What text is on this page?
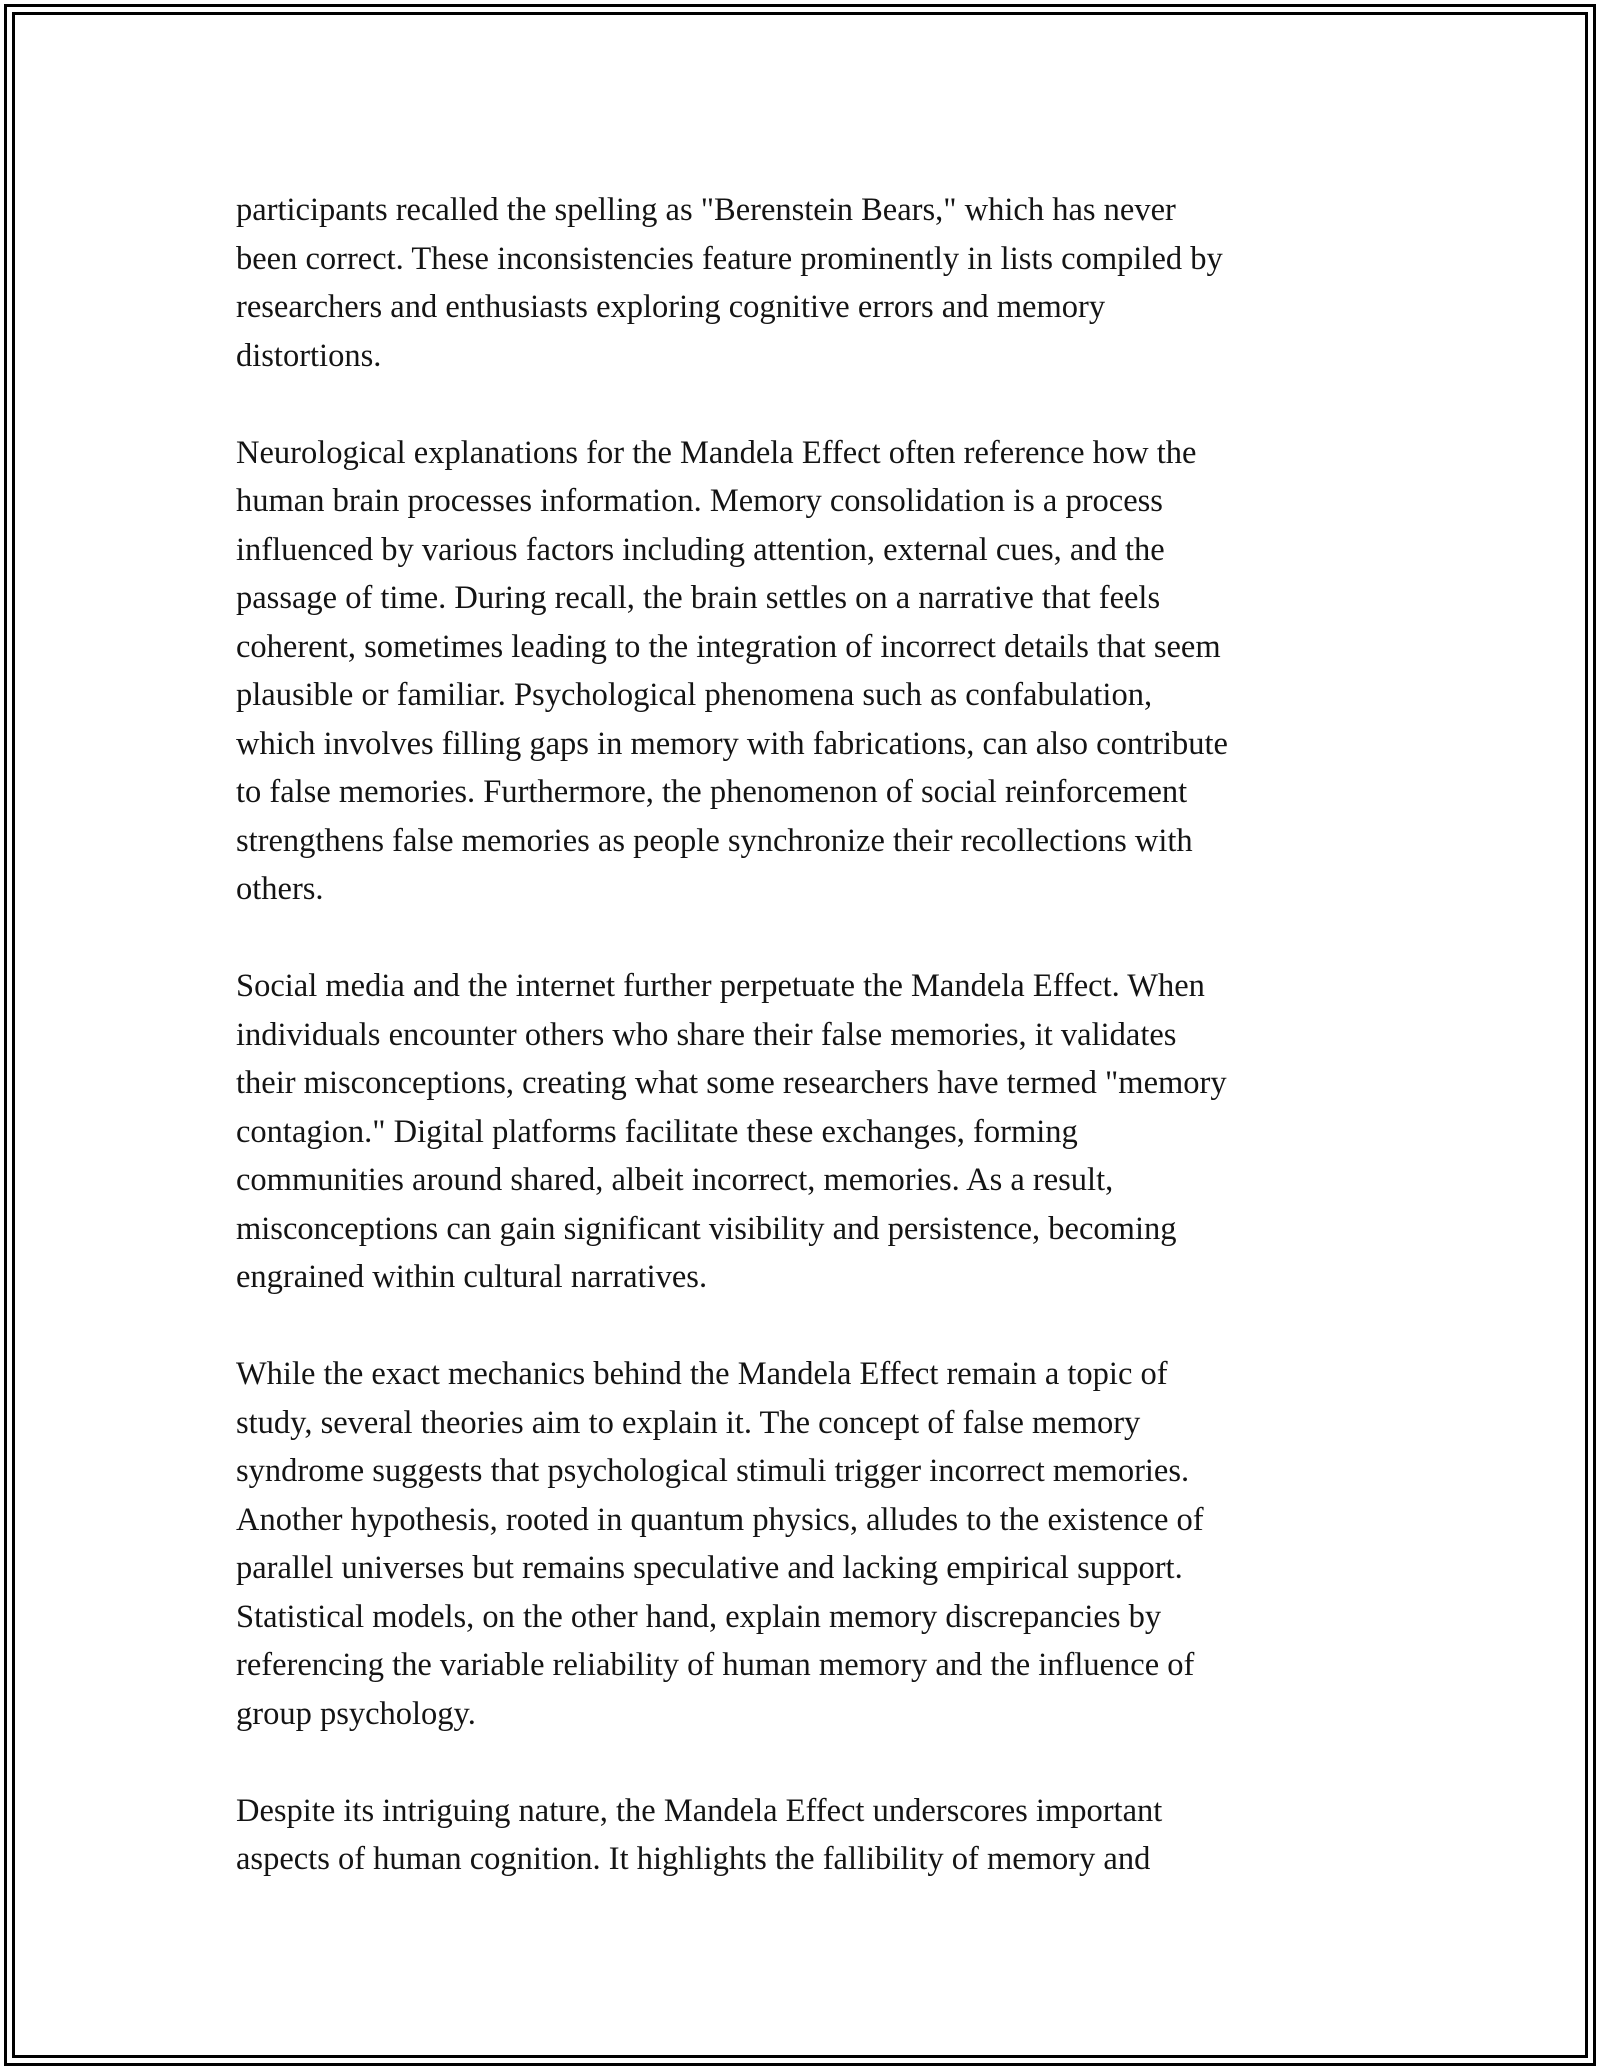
participants recalled the spelling as "Berenstein Bears," which has never
been correct. These inconsistencies feature prominently in lists compiled by
researchers and enthusiasts exploring cognitive errors and memory
distortions.

Neurological explanations for the Mandela Effect often reference how the
human brain processes information. Memory consolidation is a process
influenced by various factors including attention, external cues, and the
passage of time. During recall, the brain settles on a narrative that feels
coherent, sometimes leading to the integration of incorrect details that seem
plausible or familiar. Psychological phenomena such as confabulation,
which involves filling gaps in memory with fabrications, can also contribute
to false memories. Furthermore, the phenomenon of social reinforcement
strengthens false memories as people synchronize their recollections with
others.

Social media and the internet further perpetuate the Mandela Effect. When
individuals encounter others who share their false memories, it validates
their misconceptions, creating what some researchers have termed "memory
contagion." Digital platforms facilitate these exchanges, forming
communities around shared, albeit incorrect, memories. As a result,
misconceptions can gain significant visibility and persistence, becoming
engrained within cultural narratives.

While the exact mechanics behind the Mandela Effect remain a topic of
study, several theories aim to explain it. The concept of false memory
syndrome suggests that psychological stimuli trigger incorrect memories.
Another hypothesis, rooted in quantum physics, alludes to the existence of
parallel universes but remains speculative and lacking empirical support.
Statistical models, on the other hand, explain memory discrepancies by
referencing the variable reliability of human memory and the influence of
group psychology.

Despite its intriguing nature, the Mandela Effect underscores important
aspects of human cognition. It highlights the fallibility of memory and
